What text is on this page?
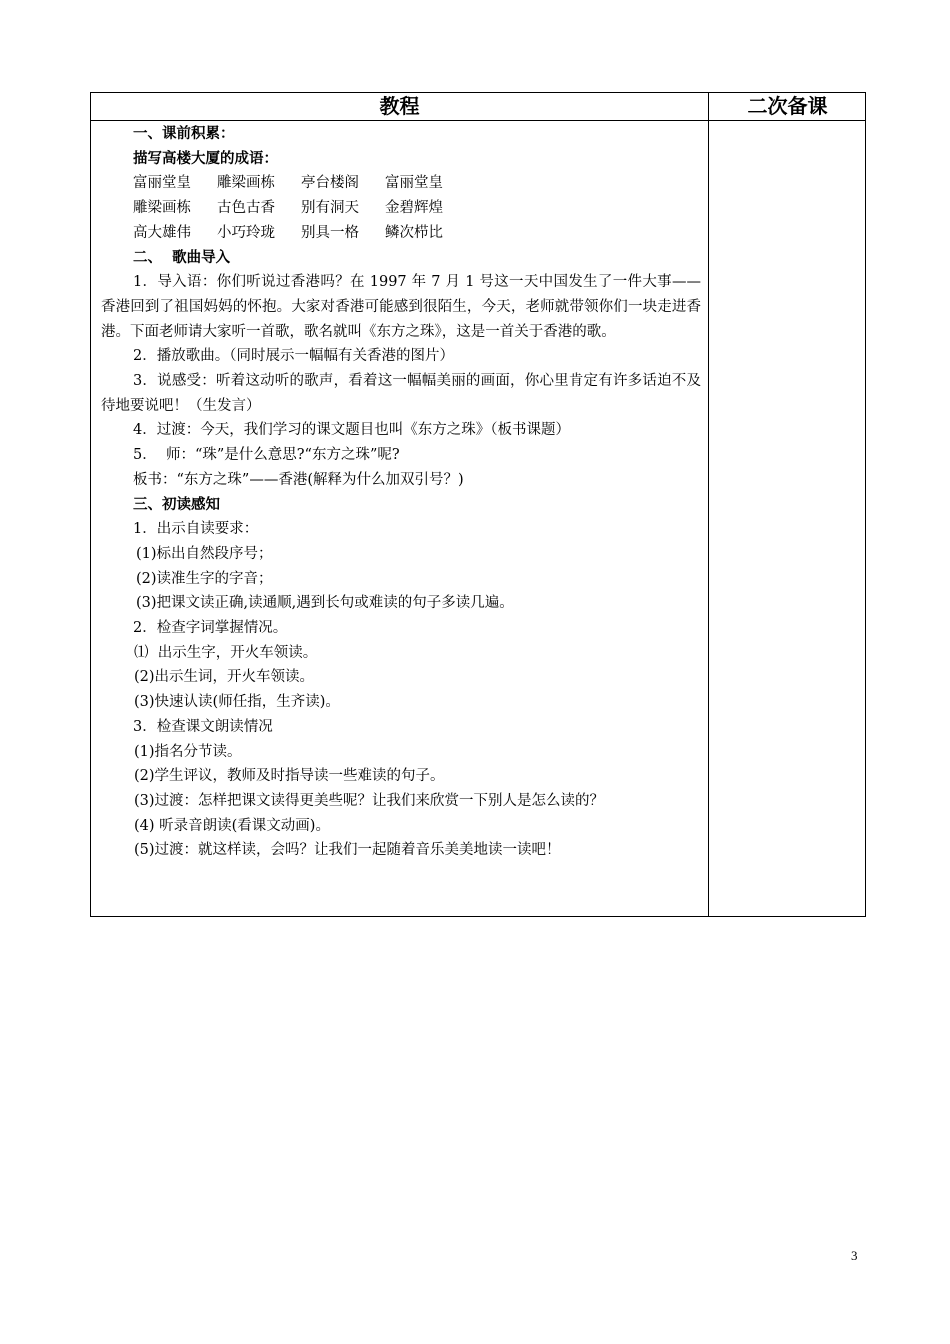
教程	二次备课
一、课前积累：
描写高楼大厦的成语：
富丽堂皇 雕梁画栋 亭台楼阁 富丽堂皇
雕梁画栋 古色古香 别有洞天 金碧辉煌
高大雄伟 小巧玲珑 别具一格 鳞次栉比
二、  歌曲导入
1．导入语：你们听说过香港吗？在 1997 年 7 月 1 号这一天中国发生了一件大事——香港回到了祖国妈妈的怀抱。大家对香港可能感到很陌生，今天，老师就带领你们一块走进香港。下面老师请大家听一首歌，歌名就叫《东方之珠》，这是一首关于香港的歌。
2．播放歌曲。（同时展示一幅幅有关香港的图片）
3．说感受：听着这动听的歌声，看着这一幅幅美丽的画面，你心里肯定有许多话迫不及待地要说吧！（生发言）
4．过渡：今天，我们学习的课文题目也叫《东方之珠》（板书课题）
5．  师：“珠”是什么意思?“东方之珠”呢?
板书：“东方之珠”——香港(解释为什么加双引号？)
三、初读感知
1．出示自读要求：
(1)标出自然段序号；
(2)读准生字的字音；
(3)把课文读正确,读通顺,遇到长句或难读的句子多读几遍。
2．检查字词掌握情况。
⑴  出示生字，开火车领读。
(2)出示生词，开火车领读。
(3)快速认读(师任指，生齐读)。
3．检查课文朗读情况
(1)指名分节读。
(2)学生评议，教师及时指导读一些难读的句子。
(3)过渡：怎样把课文读得更美些呢？让我们来欣赏一下别人是怎么读的？
(4) 听录音朗读(看课文动画)。
(5)过渡：就这样读，会吗？让我们一起随着音乐美美地读一读吧！
3
